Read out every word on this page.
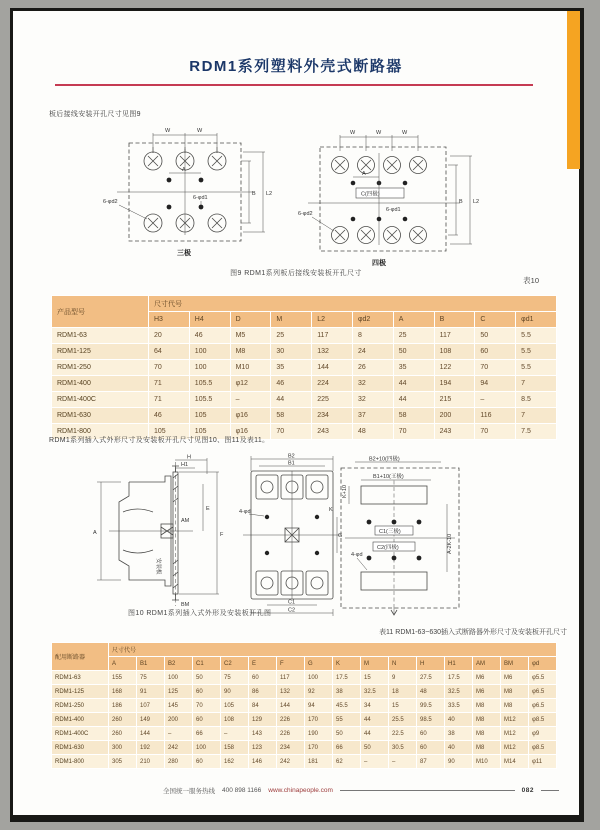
RDM1系列塑料外壳式断路器
板后接线安装开孔尺寸见图9
W	W
A
B L2
6-φd2
6-φd1
三极
W	W	W
A
C(四极)
B L2
6-φd2
6-φd1
四极
图9 RDM1系列板后接线安装板开孔尺寸
表10
产品型号	尺寸代号									
	H3	H4	D	M	L2	φd2	A	B	C	φd1
RDM1-63	20	46	M5	25	117	8	25	117	50	5.5
RDM1-125	64	100	M8	30	132	24	50	108	60	5.5
RDM1-250	70	100	M10	35	144	26	35	122	70	5.5
RDM1-400	71	105.5	φ12	46	224	32	44	194	94	7
RDM1-400C	71	105.5	–	44	225	32	44	215	–	8.5
RDM1-630	46	105	φ16	58	234	37	58	200	116	7
RDM1-800	105	105	φ16	70	243	48	70	243	70	7.5
RDM1系列插入式外形尺寸及安装板开孔尺寸见图10、图11及表11。
H
H1
A
E
F
AM
安装板
BM
B2
B1
4-φd
G
K
C1
C2
B2+10(四极)
B1+10(三极)
K+10
C1(三极)
C2(四极)
4-φd
A-2K-10
图10 RDM1系列插入式外形及安装板开孔图
表11 RDM1-63~630插入式断路器外形尺寸及安装板开孔尺寸
配用断路器	尺寸代号															
	A	B1	B2	C1	C2	E	F	G	K	M	N	H	H1	AM	BM	φd
RDM1-63	155	75	100	50	75	60	117	100	17.5	15	9	27.5	17.5	M6	M6	φ5.5
RDM1-125	168	91	125	60	90	86	132	92	38	32.5	18	48	32.5	M6	M8	φ6.5
RDM1-250	186	107	145	70	105	84	144	94	45.5	34	15	99.5	33.5	M8	M8	φ6.5
RDM1-400	260	149	200	60	108	129	226	170	55	44	25.5	98.5	40	M8	M12	φ8.5
RDM1-400C	260	144	–	66	–	143	226	190	50	44	22.5	60	38	M8	M12	φ9
RDM1-630	300	192	242	100	158	123	234	170	66	50	30.5	60	40	M8	M12	φ8.5
RDM1-800	305	210	280	60	162	146	242	181	62	–	–	87	90	M10	M14	φ11
全国统一服务热线 400 898 1166 www.chinapeople.com	082
